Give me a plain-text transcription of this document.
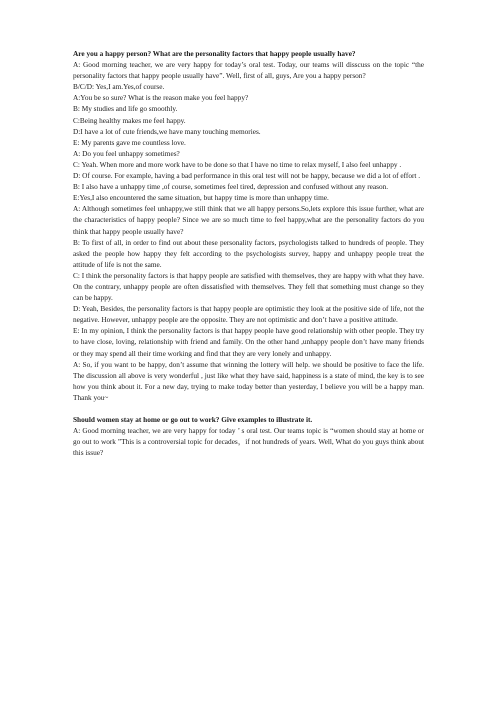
Are you a happy person? What are the personality factors that happy people usually have?

A: Good morning teacher, we are very happy for today’s oral test. Today, our teams will disscuss on the topic “the personality factors that happy people usually have”. Well, first of all, guys, Are you a happy person?

B/C/D: Yes,I am.Yes,of course.

A:You be so sure? What is the reason make you feel happy?

B: My studies and life go smoothly.

C:Being healthy makes me feel happy.

D:I have a lot of cute friends,we have many touching memories.

E: My parents gave me countless love.

A: Do you feel unhappy sometimes?

C: Yeah. When more and more work have to be done so that I have no time to relax myself, I also feel unhappy .

D: Of course. For example, having a bad performance in this oral test will not be happy, because we did a lot of effort .

B: I also have a unhappy time ,of course, sometimes feel tired, depression and confused without any reason.

E:Yes,I also encountered the same situation, but happy time is more than unhappy time.

A: Although sometimes feel unhappy,we still think that we all happy persons.So,lets explore this issue further, what are the characteristics of happy people? Since we are so much time to feel happy,what are the personality factors do you think that happy people usually have?

B: To first of all, in order to find out about these personality factors, psychologists talked to hundreds of people. They asked the people how happy they felt according to the psychologists survey, happy and unhappy people treat the attitude of life is not the same.

C: I think the personality factors is that happy people are satisfied with themselves, they are happy with what they have. On the contrary, unhappy people are often dissatisfied with themselves. They fell that something must change so they can be happy.

D: Yeah, Besides, the personality factors is that happy people are optimistic they look at the positive side of life, not the negative. However, unhappy people are the opposite. They are not optimistic and don’t have a positive attitude.

E: In my opinion, I think the personality factors is that happy people have good relationship with other people. They try to have close, loving, relationship with friend and family. On the other hand ,unhappy people don’t have many friends or they may spend all their time working and find that they are very lonely and unhappy.

A: So, if you want to be happy, don’t assume that winning the lottery will help. we should be positive to face the life. The discussion all above is very wonderful , just like what they have said, happiness is a state of mind, the key is to see how you think about it. For a new day, trying to make today better than yesterday, I believe you will be a happy man. Thank you~

Should women stay at home or go out to work? Give examples to illustrate it.

A: Good morning teacher, we are very happy for today ’ s oral test. Our teams topic is “women should stay at home or go out to work ”This is a controversial topic for decades，if not hundreds of years. Well, What do you guys think about this issue?
